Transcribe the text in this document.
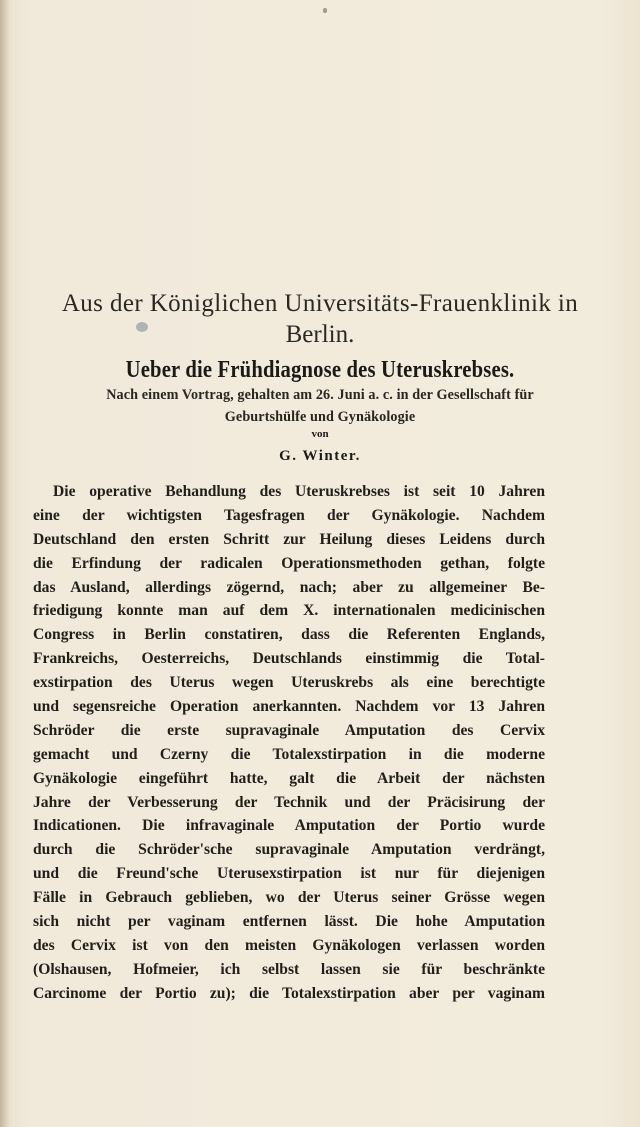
Aus der Königlichen Universitäts-Frauenklinik in
Berlin.
Ueber die Frühdiagnose des Uteruskrebses.
Nach einem Vortrag, gehalten am 26. Juni a. c. in der Gesellschaft für
Geburtshülfe und Gynäkologie
von
G. Winter.
Die operative Behandlung des Uteruskrebses ist seit 10 Jahren
eine der wichtigsten Tagesfragen der Gynäkologie. Nachdem
Deutschland den ersten Schritt zur Heilung dieses Leidens durch
die Erfindung der radicalen Operationsmethoden gethan, folgte
das Ausland, allerdings zögernd, nach; aber zu allgemeiner Be-
friedigung konnte man auf dem X. internationalen medicinischen
Congress in Berlin constatiren, dass die Referenten Englands,
Frankreichs, Oesterreichs, Deutschlands einstimmig die Total-
exstirpation des Uterus wegen Uteruskrebs als eine berechtigte
und segensreiche Operation anerkannten. Nachdem vor 13 Jahren
Schröder die erste supravaginale Amputation des Cervix
gemacht und Czerny die Totalexstirpation in die moderne
Gynäkologie eingeführt hatte, galt die Arbeit der nächsten
Jahre der Verbesserung der Technik und der Präcisirung der
Indicationen. Die infravaginale Amputation der Portio wurde
durch die Schröder'sche supravaginale Amputation verdrängt,
und die Freund'sche Uterusexstirpation ist nur für diejenigen
Fälle in Gebrauch geblieben, wo der Uterus seiner Grösse wegen
sich nicht per vaginam entfernen lässt. Die hohe Amputation
des Cervix ist von den meisten Gynäkologen verlassen worden
(Olshausen, Hofmeier, ich selbst lassen sie für beschränkte
Carcinome der Portio zu); die Totalexstirpation aber per vaginam
